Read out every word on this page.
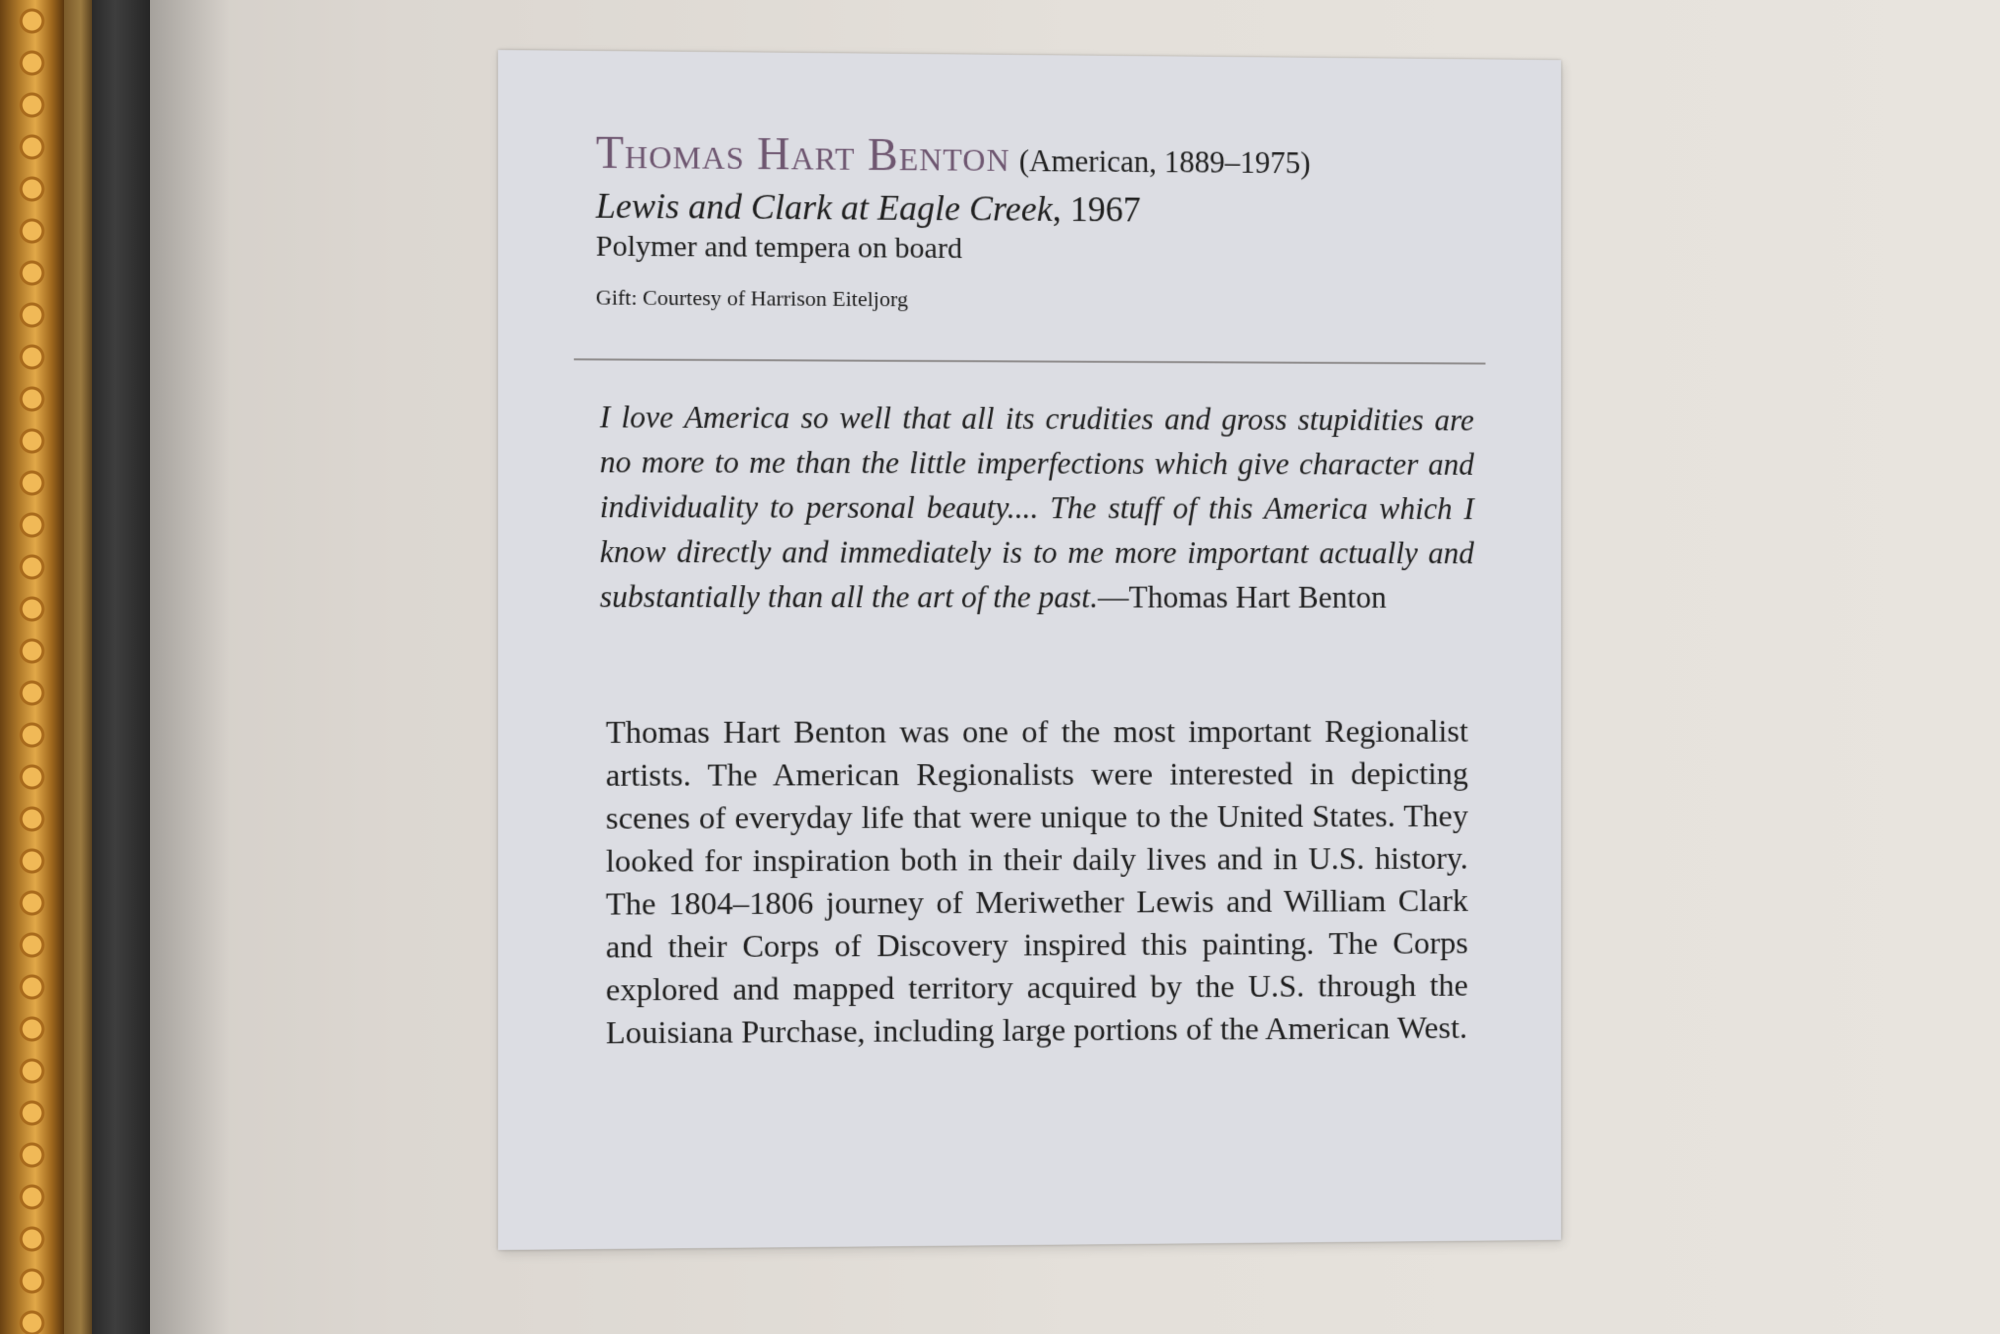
Thomas Hart Benton (American, 1889–1975)
Lewis and Clark at Eagle Creek, 1967
Polymer and tempera on board
Gift: Courtesy of Harrison Eiteljorg
I love America so well that all its crudities and gross stupidities are no more to me than the little imperfections which give character and individuality to personal beauty.... The stuff of this America which I know directly and immediately is to me more important actually and substantially than all the art of the past.—Thomas Hart Benton
Thomas Hart Benton was one of the most important Regionalist artists. The American Regionalists were interested in depicting scenes of everyday life that were unique to the United States. They looked for inspiration both in their daily lives and in U.S. history. The 1804–1806 journey of Meriwether Lewis and William Clark and their Corps of Discovery inspired this painting. The Corps explored and mapped territory acquired by the U.S. through the Louisiana Purchase, including large portions of the American West.
